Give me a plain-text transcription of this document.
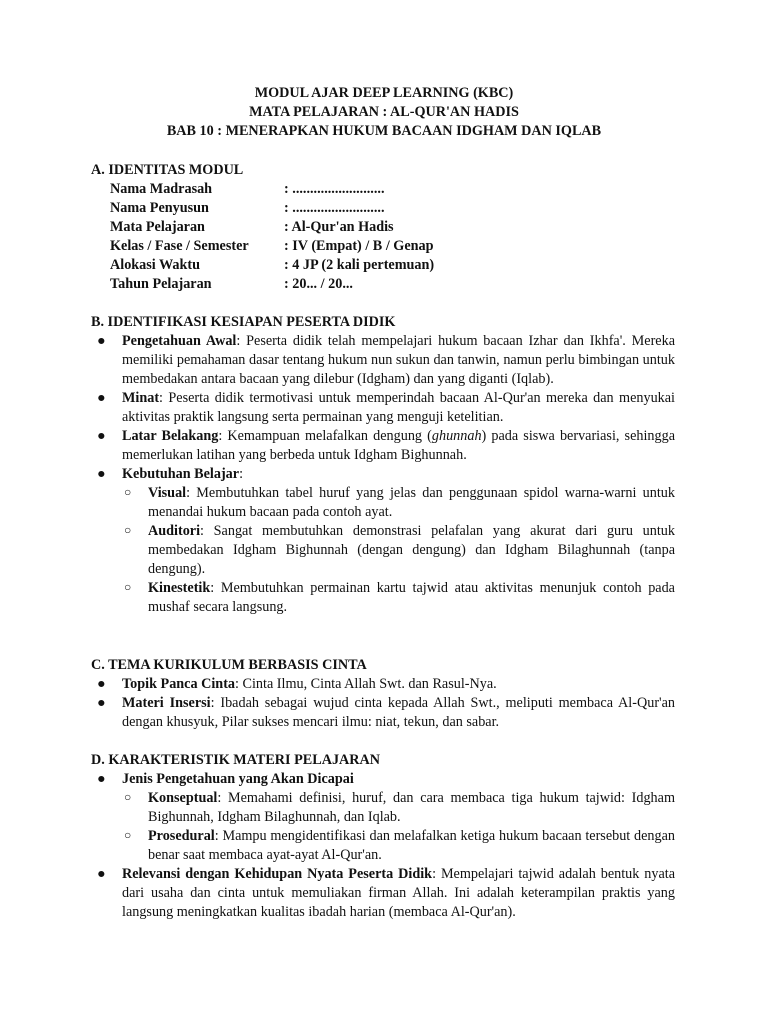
MODUL AJAR DEEP LEARNING (KBC)
MATA PELAJARAN : AL-QUR'AN HADIS
BAB 10 : MENERAPKAN HUKUM BACAAN IDGHAM DAN IQLAB
A. IDENTITAS MODUL
Nama Madrasah	: ..........................
Nama Penyusun	: ..........................
Mata Pelajaran	: Al-Qur'an Hadis
Kelas / Fase / Semester	: IV (Empat) / B / Genap
Alokasi Waktu	: 4 JP (2 kali pertemuan)
Tahun Pelajaran	: 20... / 20...
B. IDENTIFIKASI KESIAPAN PESERTA DIDIK
● Pengetahuan Awal: Peserta didik telah mempelajari hukum bacaan Izhar dan Ikhfa'. Mereka memiliki pemahaman dasar tentang hukum nun sukun dan tanwin, namun perlu bimbingan untuk membedakan antara bacaan yang dilebur (Idgham) dan yang diganti (Iqlab).
● Minat: Peserta didik termotivasi untuk memperindah bacaan Al-Qur'an mereka dan menyukai aktivitas praktik langsung serta permainan yang menguji ketelitian.
● Latar Belakang: Kemampuan melafalkan dengung (ghunnah) pada siswa bervariasi, sehingga memerlukan latihan yang berbeda untuk Idgham Bighunnah.
● Kebutuhan Belajar:
○ Visual: Membutuhkan tabel huruf yang jelas dan penggunaan spidol warna-warni untuk menandai hukum bacaan pada contoh ayat.
○ Auditori: Sangat membutuhkan demonstrasi pelafalan yang akurat dari guru untuk membedakan Idgham Bighunnah (dengan dengung) dan Idgham Bilaghunnah (tanpa dengung).
○ Kinestetik: Membutuhkan permainan kartu tajwid atau aktivitas menunjuk contoh pada mushaf secara langsung.
C. TEMA KURIKULUM BERBASIS CINTA
● Topik Panca Cinta: Cinta Ilmu, Cinta Allah Swt. dan Rasul-Nya.
● Materi Insersi: Ibadah sebagai wujud cinta kepada Allah Swt., meliputi membaca Al-Qur'an dengan khusyuk, Pilar sukses mencari ilmu: niat, tekun, dan sabar.
D. KARAKTERISTIK MATERI PELAJARAN
● Jenis Pengetahuan yang Akan Dicapai
○ Konseptual: Memahami definisi, huruf, dan cara membaca tiga hukum tajwid: Idgham Bighunnah, Idgham Bilaghunnah, dan Iqlab.
○ Prosedural: Mampu mengidentifikasi dan melafalkan ketiga hukum bacaan tersebut dengan benar saat membaca ayat-ayat Al-Qur'an.
● Relevansi dengan Kehidupan Nyata Peserta Didik: Mempelajari tajwid adalah bentuk nyata dari usaha dan cinta untuk memuliakan firman Allah. Ini adalah keterampilan praktis yang langsung meningkatkan kualitas ibadah harian (membaca Al-Qur'an).
